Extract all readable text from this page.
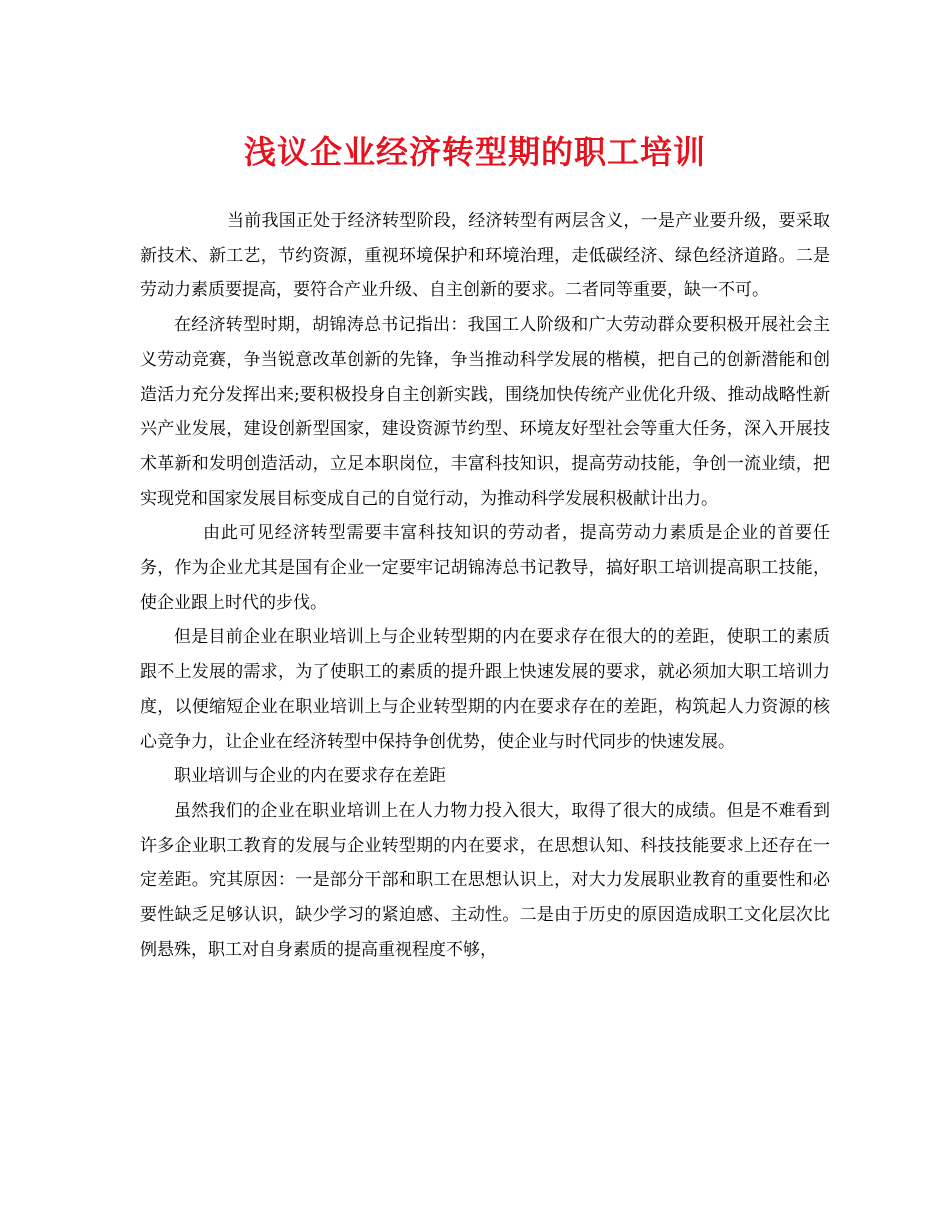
浅议企业经济转型期的职工培训

当前我国正处于经济转型阶段，经济转型有两层含义，一是产业要升级，要采取新技术、新工艺，节约资源，重视环境保护和环境治理，走低碳经济、绿色经济道路。二是劳动力素质要提高，要符合产业升级、自主创新的要求。二者同等重要，缺一不可。

在经济转型时期，胡锦涛总书记指出：我国工人阶级和广大劳动群众要积极开展社会主义劳动竞赛，争当锐意改革创新的先锋，争当推动科学发展的楷模，把自己的创新潜能和创造活力充分发挥出来;要积极投身自主创新实践，围绕加快传统产业优化升级、推动战略性新兴产业发展，建设创新型国家，建设资源节约型、环境友好型社会等重大任务，深入开展技术革新和发明创造活动，立足本职岗位，丰富科技知识，提高劳动技能，争创一流业绩，把实现党和国家发展目标变成自己的自觉行动，为推动科学发展积极献计出力。

由此可见经济转型需要丰富科技知识的劳动者，提高劳动力素质是企业的首要任务，作为企业尤其是国有企业一定要牢记胡锦涛总书记教导，搞好职工培训提高职工技能，使企业跟上时代的步伐。

但是目前企业在职业培训上与企业转型期的内在要求存在很大的的差距，使职工的素质跟不上发展的需求，为了使职工的素质的提升跟上快速发展的要求，就必须加大职工培训力度，以便缩短企业在职业培训上与企业转型期的内在要求存在的差距，构筑起人力资源的核心竞争力，让企业在经济转型中保持争创优势，使企业与时代同步的快速发展。

职业培训与企业的内在要求存在差距

虽然我们的企业在职业培训上在人力物力投入很大，取得了很大的成绩。但是不难看到许多企业职工教育的发展与企业转型期的内在要求，在思想认知、科技技能要求上还存在一定差距。究其原因：一是部分干部和职工在思想认识上，对大力发展职业教育的重要性和必要性缺乏足够认识，缺少学习的紧迫感、主动性。二是由于历史的原因造成职工文化层次比例悬殊，职工对自身素质的提高重视程度不够，
